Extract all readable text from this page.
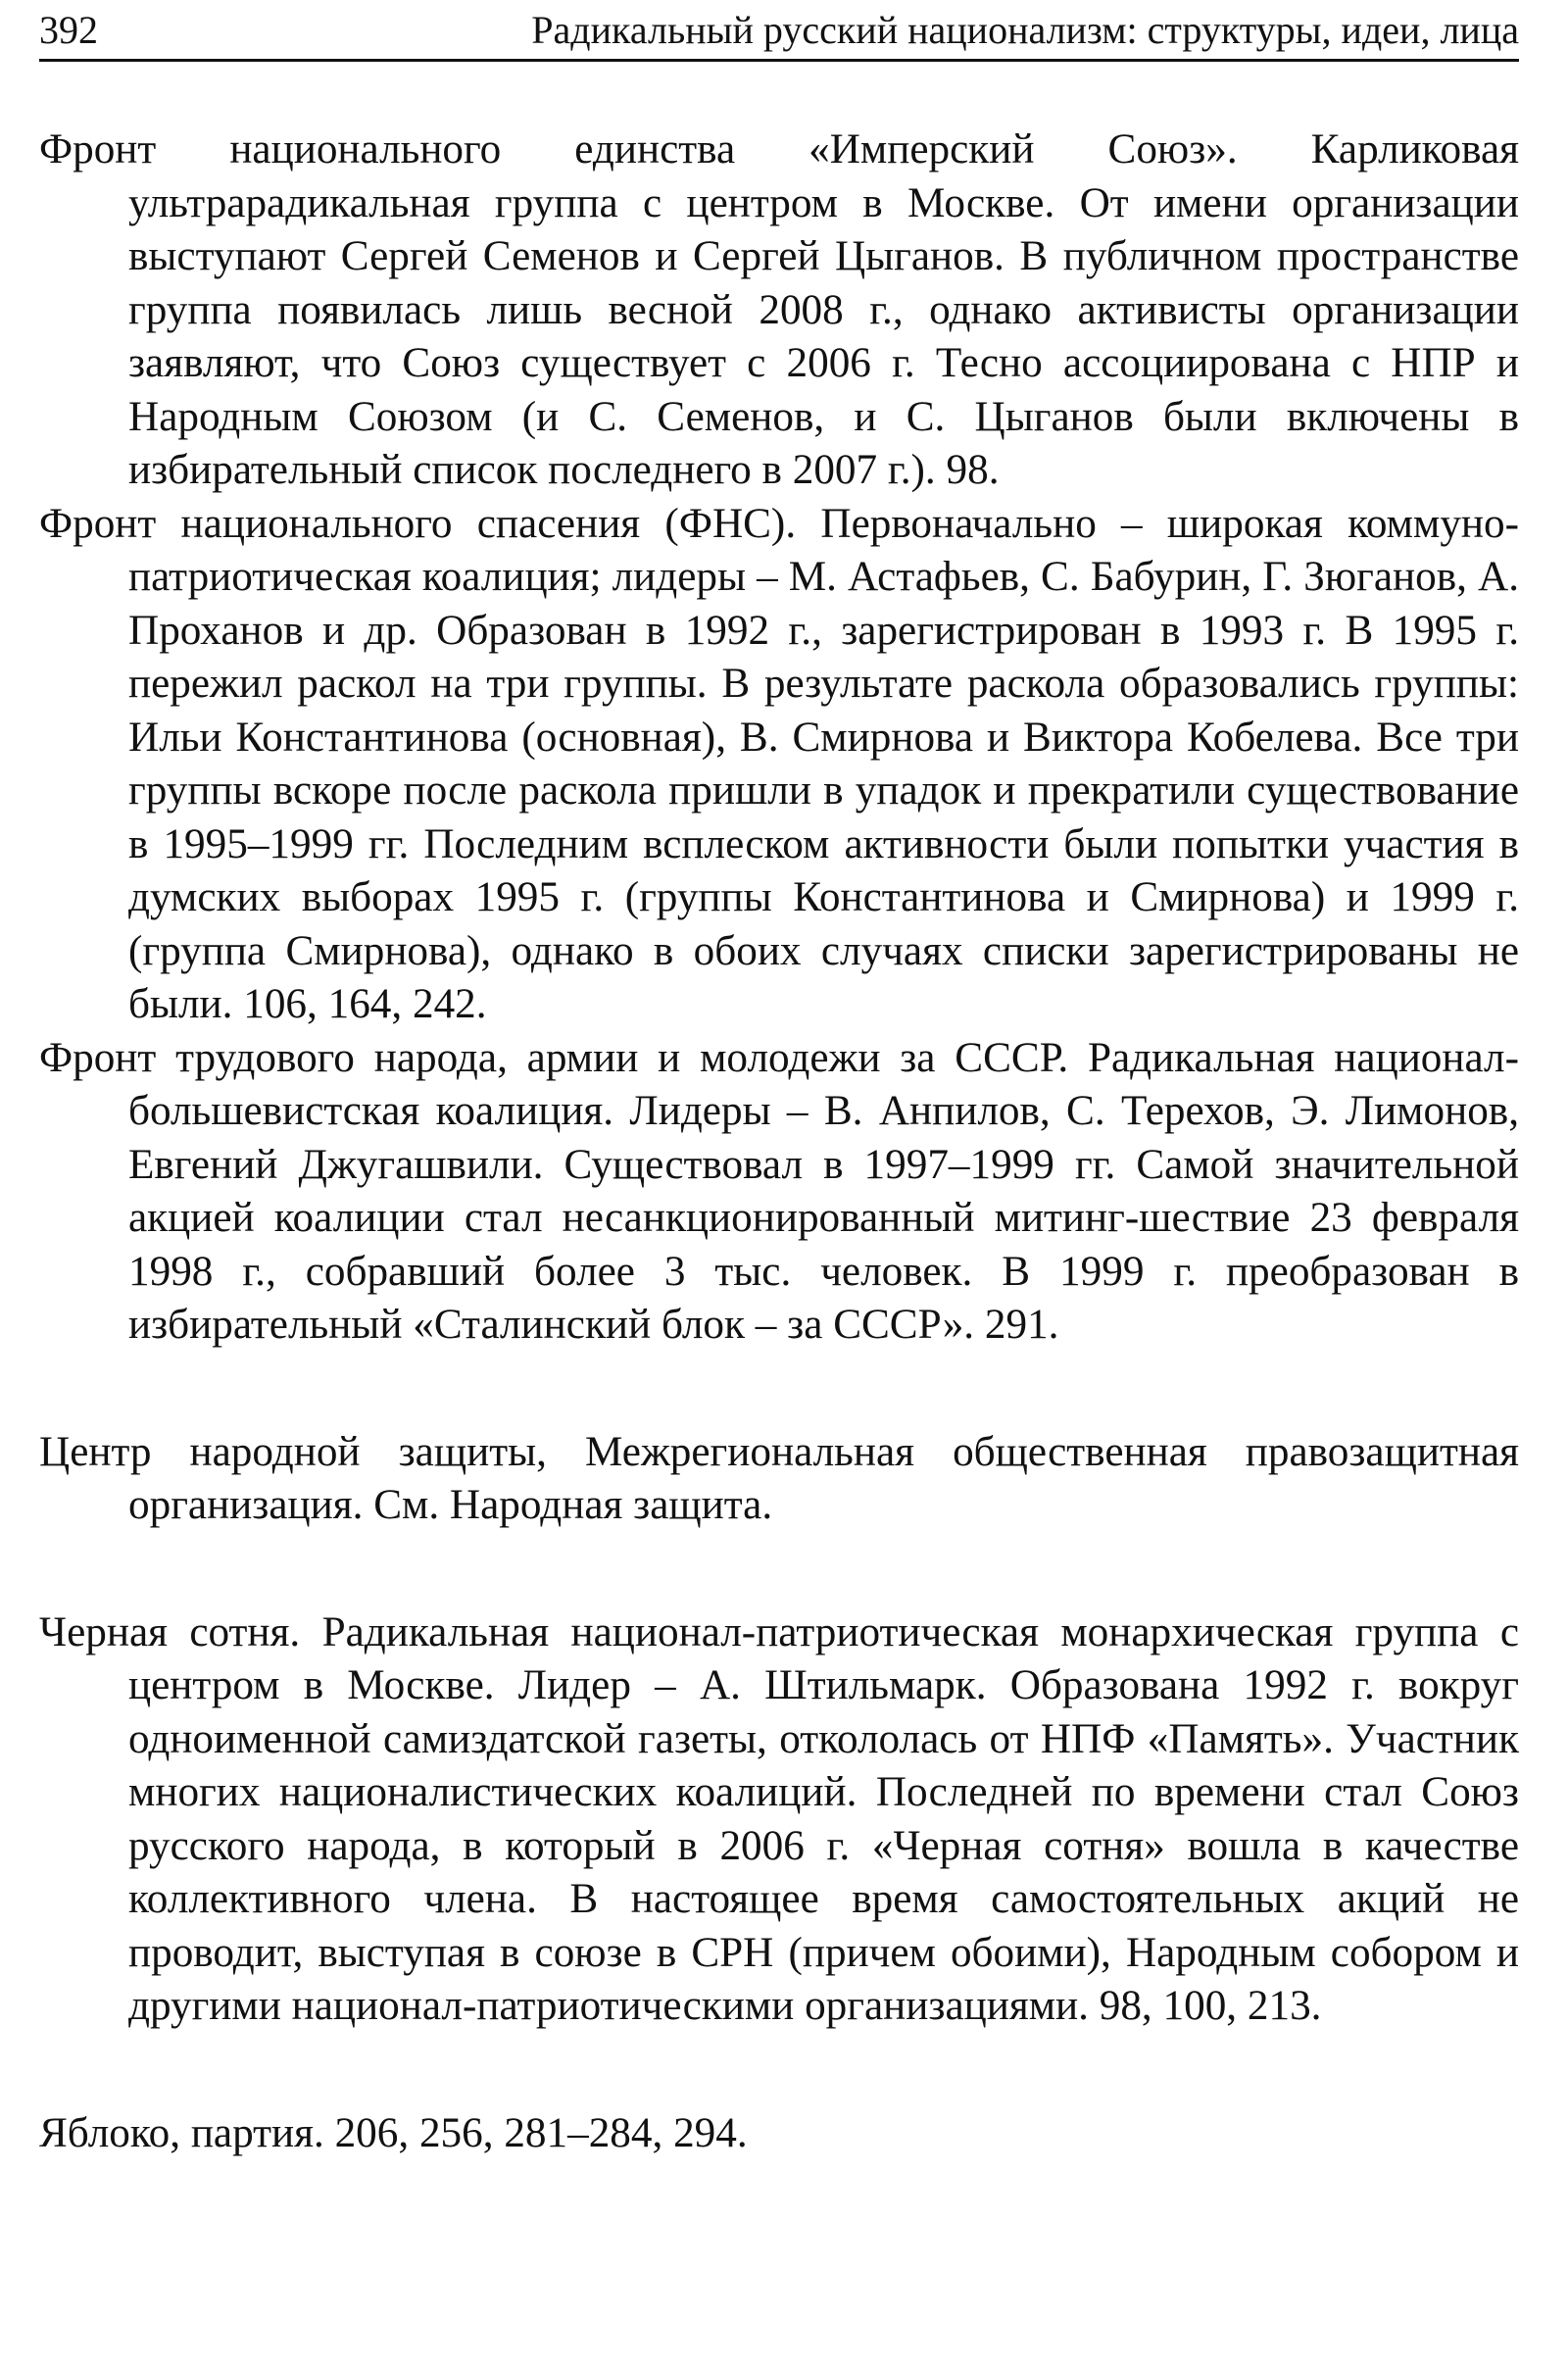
392	Радикальный русский национализм: структуры, идеи, лица

Фронт национального единства «Имперский Союз». Карликовая ультрарадикальная группа с центром в Москве. От имени организации выступают Сергей Семенов и Сергей Цыганов. В публичном пространстве группа появилась лишь весной 2008 г., однако активисты организации заявляют, что Союз существует с 2006 г. Тесно ассоциирована с НПР и Народным Союзом (и С. Семенов, и С. Цыганов были включены в избирательный список последнего в 2007 г.). 98.

Фронт национального спасения (ФНС). Первоначально – широкая коммуно-патриотическая коалиция; лидеры – М. Астафьев, С. Бабурин, Г. Зюганов, А. Проханов и др. Образован в 1992 г., зарегистрирован в 1993 г. В 1995 г. пережил раскол на три группы. В результате раскола образовались группы: Ильи Константинова (основная), В. Смирнова и Виктора Кобелева. Все три группы вскоре после раскола пришли в упадок и прекратили существование в 1995–1999 гг. Последним всплеском активности были попытки участия в думских выборах 1995 г. (группы Константинова и Смирнова) и 1999 г. (группа Смирнова), однако в обоих случаях списки зарегистрированы не были. 106, 164, 242.

Фронт трудового народа, армии и молодежи за СССР. Радикальная национал-большевистская коалиция. Лидеры – В. Анпилов, С. Терехов, Э. Лимонов, Евгений Джугашвили. Существовал в 1997–1999 гг. Самой значительной акцией коалиции стал несанкционированный митинг-шествие 23 февраля 1998 г., собравший более 3 тыс. человек. В 1999 г. преобразован в избирательный «Сталинский блок – за СССР». 291.

Центр народной защиты, Межрегиональная общественная правозащитная организация. См. Народная защита.

Черная сотня. Радикальная национал-патриотическая монархическая группа с центром в Москве. Лидер – А. Штильмарк. Образована 1992 г. вокруг одноименной самиздатской газеты, откололась от НПФ «Память». Участник многих националистических коалиций. Последней по времени стал Союз русского народа, в который в 2006 г. «Черная сотня» вошла в качестве коллективного члена. В настоящее время самостоятельных акций не проводит, выступая в союзе в СРН (причем обоими), Народным собором и другими национал-патриотическими организациями. 98, 100, 213.

Яблоко, партия. 206, 256, 281–284, 294.
